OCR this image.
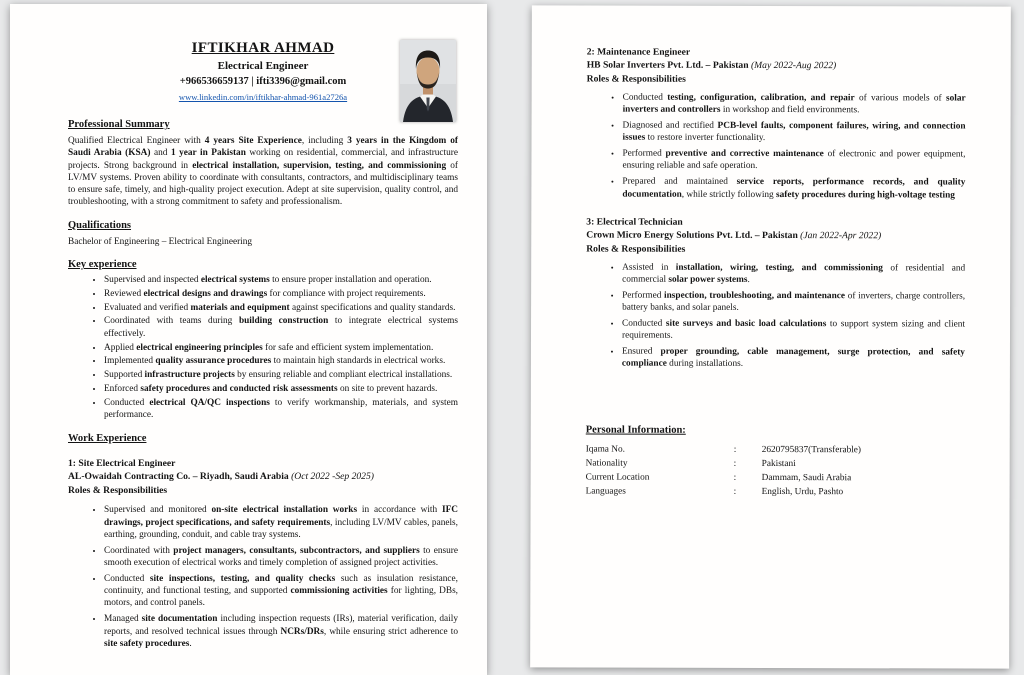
IFTIKHAR AHMAD
Electrical Engineer
+966536659137 | ifti3396@gmail.com
www.linkedin.com/in/iftikhar-ahmad-961a2726a
Professional Summary

Qualified Electrical Engineer with 4 years Site Experience, including 3 years in the Kingdom of Saudi Arabia (KSA) and 1 year in Pakistan working on residential, commercial, and infrastructure projects. Strong background in electrical installation, supervision, testing, and commissioning of LV/MV systems. Proven ability to coordinate with consultants, contractors, and multidisciplinary teams to ensure safe, timely, and high-quality project execution. Adept at site supervision, quality control, and troubleshooting, with a strong commitment to safety and professionalism.

Qualifications
Bachelor of Engineering – Electrical Engineering
Key experience
• Supervised and inspected electrical systems to ensure proper installation and operation.
• Reviewed electrical designs and drawings for compliance with project requirements.
• Evaluated and verified materials and equipment against specifications and quality standards.
• Coordinated with teams during building construction to integrate electrical systems effectively.
• Applied electrical engineering principles for safe and efficient system implementation.
• Implemented quality assurance procedures to maintain high standards in electrical works.
• Supported infrastructure projects by ensuring reliable and compliant electrical installations.
• Enforced safety procedures and conducted risk assessments on site to prevent hazards.
• Conducted electrical QA/QC inspections to verify workmanship, materials, and system performance.
Work Experience
1: Site Electrical Engineer
AL-Owaidah Contracting Co. – Riyadh, Saudi Arabia (Oct 2022 -Sep 2025)
Roles & Responsibilities
• Supervised and monitored on-site electrical installation works in accordance with IFC drawings, project specifications, and safety requirements, including LV/MV cables, panels, earthing, grounding, conduit, and cable tray systems.
• Coordinated with project managers, consultants, subcontractors, and suppliers to ensure smooth execution of electrical works and timely completion of assigned project activities.
• Conducted site inspections, testing, and quality checks such as insulation resistance, continuity, and functional testing, and supported commissioning activities for lighting, DBs, motors, and control panels.
• Managed site documentation including inspection requests (IRs), material verification, daily reports, and resolved technical issues through NCRs/DRs, while ensuring strict adherence to site safety procedures.
2: Maintenance Engineer
HB Solar Inverters Pvt. Ltd. – Pakistan (May 2022-Aug 2022)
Roles & Responsibilities
• Conducted testing, configuration, calibration, and repair of various models of solar inverters and controllers in workshop and field environments.
• Diagnosed and rectified PCB-level faults, component failures, wiring, and connection issues to restore inverter functionality.
• Performed preventive and corrective maintenance of electronic and power equipment, ensuring reliable and safe operation.
• Prepared and maintained service reports, performance records, and quality documentation, while strictly following safety procedures during high-voltage testing
3: Electrical Technician
Crown Micro Energy Solutions Pvt. Ltd. – Pakistan (Jan 2022-Apr 2022)
Roles & Responsibilities
• Assisted in installation, wiring, testing, and commissioning of residential and commercial solar power systems.
• Performed inspection, troubleshooting, and maintenance of inverters, charge controllers, battery banks, and solar panels.
• Conducted site surveys and basic load calculations to support system sizing and client requirements.
• Ensured proper grounding, cable management, surge protection, and safety compliance during installations.
Personal Information:
Iqama No.	:	2620795837(Transferable)
Nationality	:	Pakistani
Current Location	:	Dammam, Saudi Arabia
Languages	:	English, Urdu, Pashto
